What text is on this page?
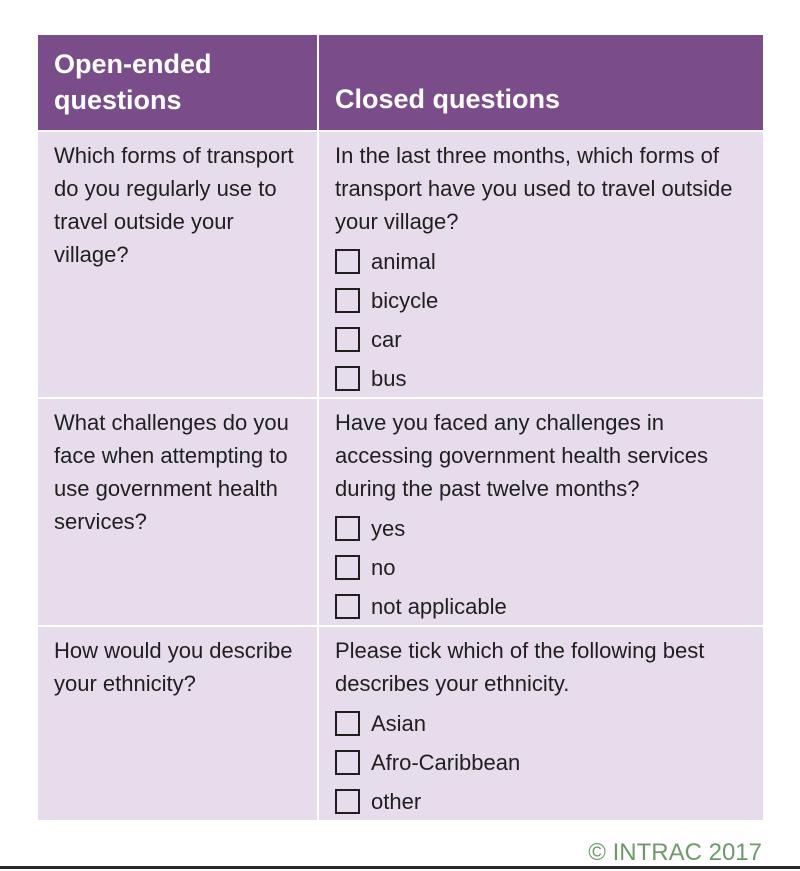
Open-ended
questions	Closed questions
Which forms of transport do you regularly use to travel outside your village?
In the last three months, which forms of transport have you used to travel outside your village?
animal
bicycle
car
bus
What challenges do you face when attempting to use government health services?
Have you faced any challenges in accessing government health services during the past twelve months?
yes
no
not applicable
How would you describe your ethnicity?
Please tick which of the following best describes your ethnicity.
Asian
Afro-Caribbean
other
© INTRAC 2017
